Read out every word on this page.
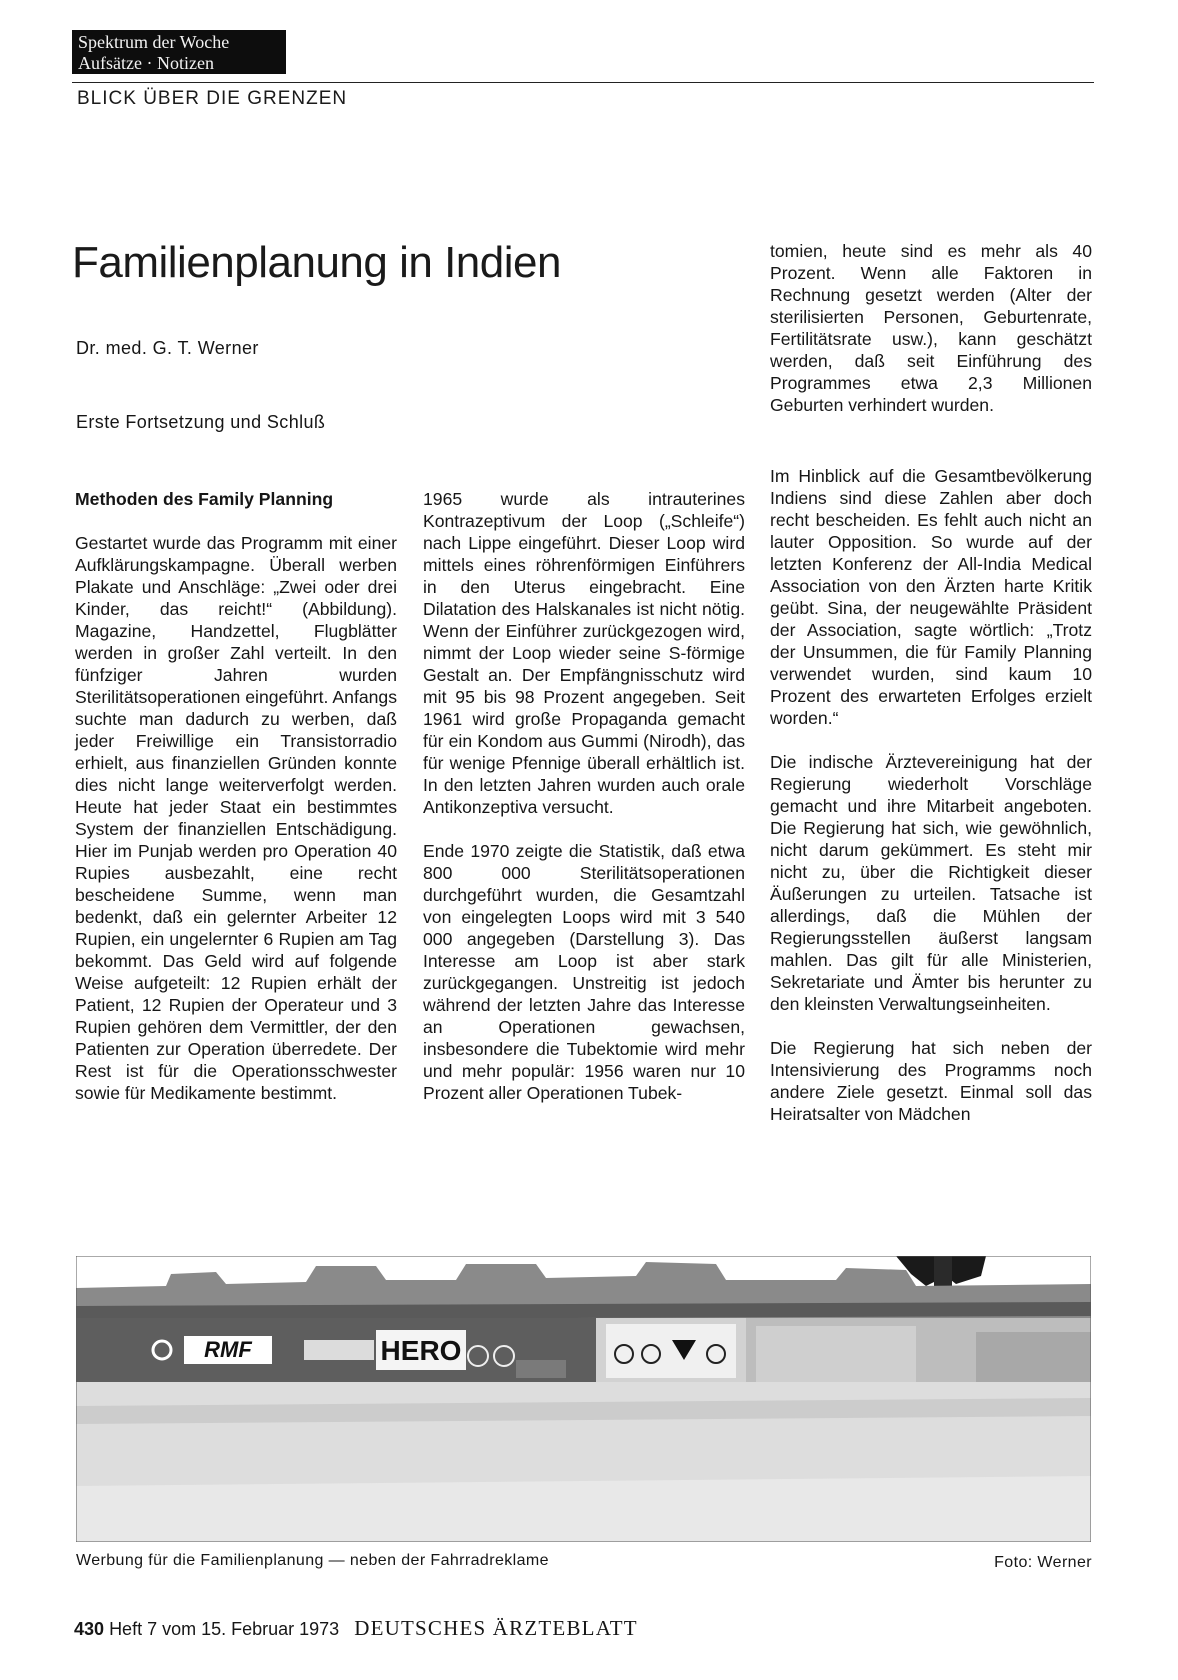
Spektrum der Woche
Aufsätze · Notizen
BLICK ÜBER DIE GRENZEN
Familienplanung in Indien
Dr. med. G. T. Werner
Erste Fortsetzung und Schluß
Methoden des Family Planning

Gestartet wurde das Programm mit einer Aufklärungskampagne. Überall werben Plakate und Anschläge: „Zwei oder drei Kinder, das reicht!“ (Abbildung). Magazine, Handzettel, Flugblätter werden in großer Zahl verteilt. In den fünfziger Jahren wurden Sterilitätsoperationen eingeführt. Anfangs suchte man dadurch zu werben, daß jeder Freiwillige ein Transistorradio erhielt, aus finanziellen Gründen konnte dies nicht lange weiterverfolgt werden. Heute hat jeder Staat ein bestimmtes System der finanziellen Entschädigung. Hier im Punjab werden pro Operation 40 Rupies ausbezahlt, eine recht bescheidene Summe, wenn man bedenkt, daß ein gelernter Arbeiter 12 Rupien, ein ungelernter 6 Rupien am Tag bekommt. Das Geld wird auf folgende Weise aufgeteilt: 12 Rupien erhält der Patient, 12 Rupien der Operateur und 3 Rupien gehören dem Vermittler, der den Patienten zur Operation überredete. Der Rest ist für die Operationsschwester sowie für Medikamente bestimmt.

1965 wurde als intrauterines Kontrazeptivum der Loop („Schleife“) nach Lippe eingeführt. Dieser Loop wird mittels eines röhrenförmigen Einführers in den Uterus eingebracht. Eine Dilatation des Halskanales ist nicht nötig. Wenn der Einführer zurückgezogen wird, nimmt der Loop wieder seine S-förmige Gestalt an. Der Empfängnisschutz wird mit 95 bis 98 Prozent angegeben. Seit 1961 wird große Propaganda gemacht für ein Kondom aus Gummi (Nirodh), das für wenige Pfennige überall erhältlich ist. In den letzten Jahren wurden auch orale Antikonzeptiva versucht.

Ende 1970 zeigte die Statistik, daß etwa 800 000 Sterilitätsoperationen durchgeführt wurden, die Gesamtzahl von eingelegten Loops wird mit 3 540 000 angegeben (Darstellung 3). Das Interesse am Loop ist aber stark zurückgegangen. Unstreitig ist jedoch während der letzten Jahre das Interesse an Operationen gewachsen, insbesondere die Tubektomie wird mehr und mehr populär: 1956 waren nur 10 Prozent aller Operationen Tubek-

tomien, heute sind es mehr als 40 Prozent. Wenn alle Faktoren in Rechnung gesetzt werden (Alter der sterilisierten Personen, Geburtenrate, Fertilitätsrate usw.), kann geschätzt werden, daß seit Einführung des Programmes etwa 2,3 Millionen Geburten verhindert wurden.

Im Hinblick auf die Gesamtbevölkerung Indiens sind diese Zahlen aber doch recht bescheiden. Es fehlt auch nicht an lauter Opposition. So wurde auf der letzten Konferenz der All-India Medical Association von den Ärzten harte Kritik geübt. Sina, der neugewählte Präsident der Association, sagte wörtlich: „Trotz der Unsummen, die für Family Planning verwendet wurden, sind kaum 10 Prozent des erwarteten Erfolges erzielt worden.“

Die indische Ärztevereinigung hat der Regierung wiederholt Vorschläge gemacht und ihre Mitarbeit angeboten. Die Regierung hat sich, wie gewöhnlich, nicht darum gekümmert. Es steht mir nicht zu, über die Richtigkeit dieser Äußerungen zu urteilen. Tatsache ist allerdings, daß die Mühlen der Regierungsstellen äußerst langsam mahlen. Das gilt für alle Ministerien, Sekretariate und Ämter bis herunter zu den kleinsten Verwaltungseinheiten.

Die Regierung hat sich neben der Intensivierung des Programms noch andere Ziele gesetzt. Einmal soll das Heiratsalter von Mädchen

RMF	HERO
Werbung für die Familienplanung — neben der Fahrradreklame	Foto: Werner
430 Heft 7 vom 15. Februar 1973 DEUTSCHES ÄRZTEBLATT
